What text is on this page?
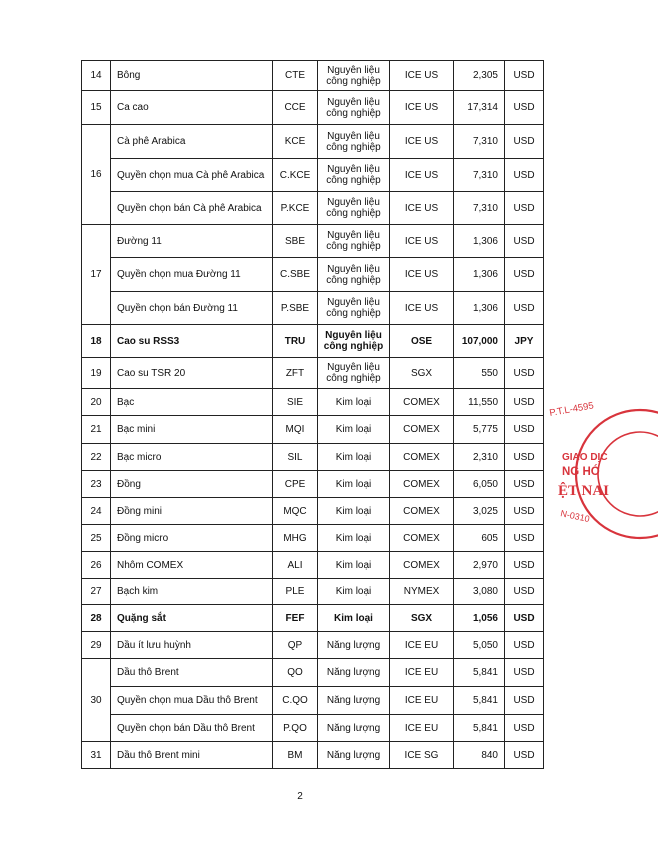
14	Bông	CTE	Nguyên liệu công nghiệp	ICE US	2,305	USD
15	Ca cao	CCE	Nguyên liệu công nghiệp	ICE US	17,314	USD
16	Cà phê Arabica	KCE	Nguyên liệu công nghiệp	ICE US	7,310	USD
	Quyền chọn mua Cà phê Arabica	C.KCE	Nguyên liệu công nghiệp	ICE US	7,310	USD
	Quyền chọn bán Cà phê Arabica	P.KCE	Nguyên liệu công nghiệp	ICE US	7,310	USD
17	Đường 11	SBE	Nguyên liệu công nghiệp	ICE US	1,306	USD
	Quyền chọn mua Đường 11	C.SBE	Nguyên liệu công nghiệp	ICE US	1,306	USD
	Quyền chọn bán Đường 11	P.SBE	Nguyên liệu công nghiệp	ICE US	1,306	USD
18	Cao su RSS3	TRU	Nguyên liệu công nghiệp	OSE	107,000	JPY
19	Cao su TSR 20	ZFT	Nguyên liệu công nghiệp	SGX	550	USD
20	Bạc	SIE	Kim loại	COMEX	11,550	USD
21	Bạc mini	MQI	Kim loại	COMEX	5,775	USD
22	Bạc micro	SIL	Kim loại	COMEX	2,310	USD
23	Đồng	CPE	Kim loại	COMEX	6,050	USD
24	Đồng mini	MQC	Kim loại	COMEX	3,025	USD
25	Đồng micro	MHG	Kim loại	COMEX	605	USD
26	Nhôm COMEX	ALI	Kim loại	COMEX	2,970	USD
27	Bạch kim	PLE	Kim loại	NYMEX	3,080	USD
28	Quặng sắt	FEF	Kim loại	SGX	1,056	USD
29	Dầu ít lưu huỳnh	QP	Năng lượng	ICE EU	5,050	USD
30	Dầu thô Brent	QO	Năng lượng	ICE EU	5,841	USD
	Quyền chọn mua Dầu thô Brent	C.QO	Năng lượng	ICE EU	5,841	USD
	Quyền chọn bán Dầu thô Brent	P.QO	Năng lượng	ICE EU	5,841	USD
31	Dầu thô Brent mini	BM	Năng lượng	ICE SG	840	USD
2
P.T.L-4595
GIAO DỊC
NG HÓ
ỆT NAI
N-0310
